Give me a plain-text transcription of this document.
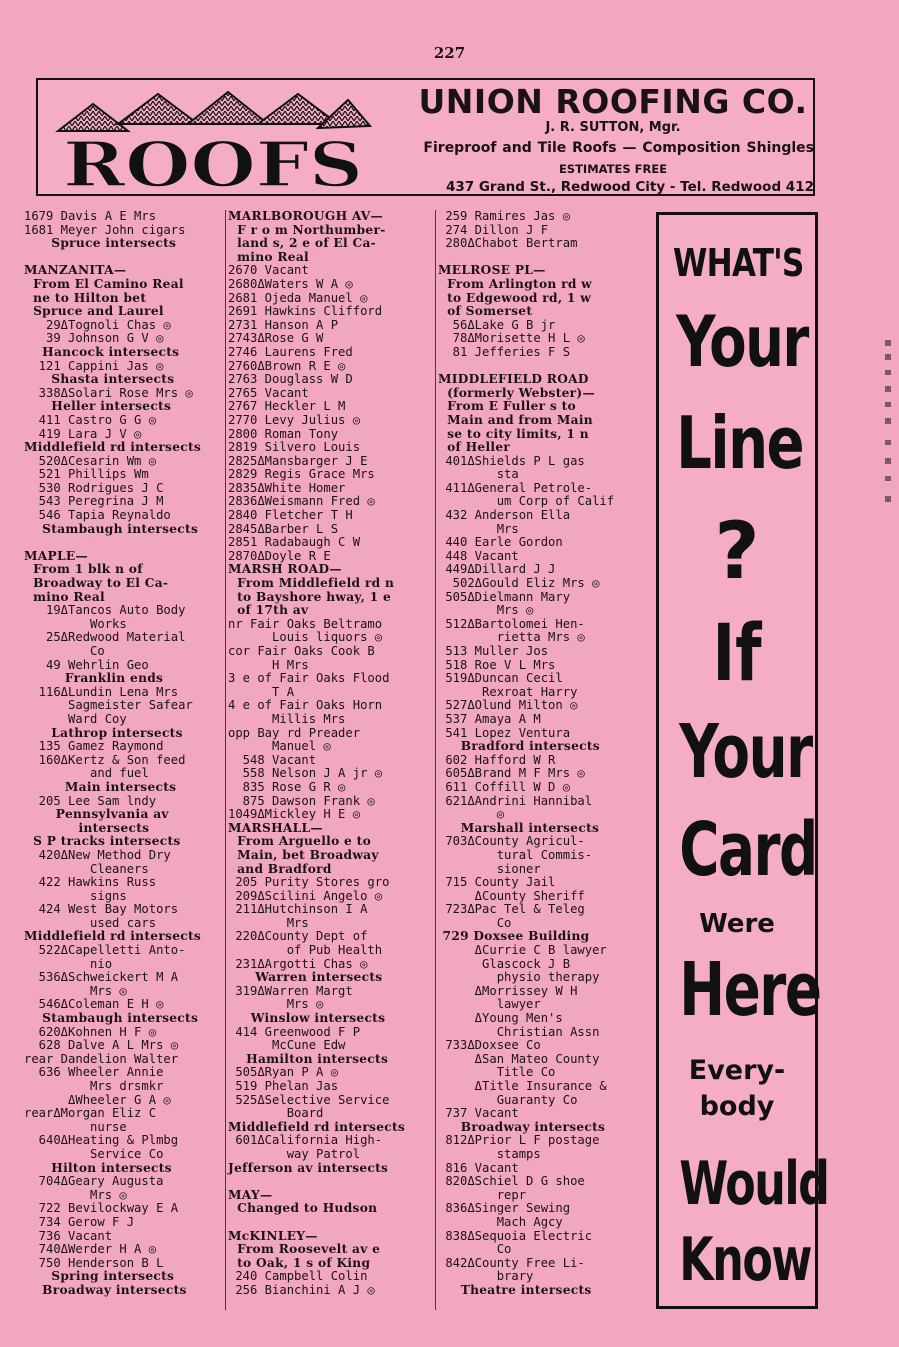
227
ROOFS
UNION ROOFING CO.
J. R. SUTTON, Mgr.
Fireproof and Tile Roofs — Composition Shingles
ESTIMATES FREE
437 Grand St., Redwood City - Tel. Redwood 412
1679 Davis A E Mrs
1681 Meyer John cigars
Spruce intersects

MANZANITA—
From El Camino Real
ne to Hilton bet
Spruce and Laurel
29ΔTognoli Chas ◎
39 Johnson G V ◎
Hancock intersects
121 Cappini Jas ◎
Shasta intersects
338ΔSolari Rose Mrs ◎
Heller intersects
411 Castro G G ◎
419 Lara J V ◎
Middlefield rd intersects
520ΔCesarin Wm ◎
521 Phillips Wm
530 Rodrigues J C
543 Peregrina J M
546 Tapia Reynaldo
Stambaugh intersects

MAPLE—
From 1 blk n of
Broadway to El Ca-
mino Real
19ΔTancos Auto Body
Works
25ΔRedwood Material
Co
49 Wehrlin Geo
Franklin ends
116ΔLundin Lena Mrs
Sagmeister Safear
Ward Coy
Lathrop intersects
135 Gamez Raymond
160ΔKertz & Son feed
and fuel
Main intersects
205 Lee Sam lndy
Pennsylvania av
intersects
S P tracks intersects
420ΔNew Method Dry
Cleaners
422 Hawkins Russ
signs
424 West Bay Motors
used cars
Middlefield rd intersects
522ΔCapelletti Anto-
nio
536ΔSchweickert M A
Mrs ◎
546ΔColeman E H ◎
Stambaugh intersects
620ΔKohnen H F ◎
628 Dalve A L Mrs ◎
rear Dandelion Walter
636 Wheeler Annie
Mrs drsmkr
ΔWheeler G A ◎
rearΔMorgan Eliz C
nurse
640ΔHeating & Plmbg
Service Co
Hilton intersects
704ΔGeary Augusta
Mrs ◎
722 Bevilockway E A
734 Gerow F J
736 Vacant
740ΔWerder H A ◎
750 Henderson B L
Spring intersects
Broadway intersects
MARLBOROUGH AV—
F r o m Northumber-
land s, 2 e of El Ca-
mino Real
2670 Vacant
2680ΔWaters W A ◎
2681 Ojeda Manuel ◎
2691 Hawkins Clifford
2731 Hanson A P
2743ΔRose G W
2746 Laurens Fred
2760ΔBrown R E ◎
2763 Douglass W D
2765 Vacant
2767 Heckler L M
2770 Levy Julius ◎
2800 Roman Tony
2819 Silvero Louis
2825ΔMansbarger J E
2829 Regis Grace Mrs
2835ΔWhite Homer
2836ΔWeismann Fred ◎
2840 Fletcher T H
2845ΔBarber L S
2851 Radabaugh C W
2870ΔDoyle R E
MARSH ROAD—
From Middlefield rd n
to Bayshore hway, 1 e
of 17th av
nr Fair Oaks Beltramo
Louis liquors ◎
cor Fair Oaks Cook B
H Mrs
3 e of Fair Oaks Flood
T A
4 e of Fair Oaks Horn
Millis Mrs
opp Bay rd Preader
Manuel ◎
548 Vacant
558 Nelson J A jr ◎
835 Rose G R ◎
875 Dawson Frank ◎
1049ΔMickley H E ◎
MARSHALL—
From Arguello e to
Main, bet Broadway
and Bradford
205 Purity Stores gro
209ΔScilini Angelo ◎
211ΔHutchinson I A
Mrs
220ΔCounty Dept of
of Pub Health
231ΔArgotti Chas ◎
Warren intersects
319ΔWarren Margt
Mrs ◎
Winslow intersects
414 Greenwood F P
McCune Edw
Hamilton intersects
505ΔRyan P A ◎
519 Phelan Jas
525ΔSelective Service
Board
Middlefield rd intersects
601ΔCalifornia High-
way Patrol
Jefferson av intersects

MAY—
Changed to Hudson

McKINLEY—
From Roosevelt av e
to Oak, 1 s of King
240 Campbell Colin
256 Bianchini A J ◎
259 Ramires Jas ◎
274 Dillon J F
280ΔChabot Bertram

MELROSE PL—
From Arlington rd w
to Edgewood rd, 1 w
of Somerset
56ΔLake G B jr
78ΔMorisette H L ◎
81 Jefferies F S

MIDDLEFIELD ROAD
(formerly Webster)—
From E Fuller s to
Main and from Main
se to city limits, 1 n
of Heller
401ΔShields P L gas
sta
411ΔGeneral Petrole-
um Corp of Calif
432 Anderson Ella
Mrs
440 Earle Gordon
448 Vacant
449ΔDillard J J
502ΔGould Eliz Mrs ◎
505ΔDielmann Mary
Mrs ◎
512ΔBartolomei Hen-
rietta Mrs ◎
513 Muller Jos
518 Roe V L Mrs
519ΔDuncan Cecil
Rexroat Harry
527ΔOlund Milton ◎
537 Amaya A M
541 Lopez Ventura
Bradford intersects
602 Hafford W R
605ΔBrand M F Mrs ◎
611 Coffill W D ◎
621ΔAndrini Hannibal
◎
Marshall intersects
703ΔCounty Agricul-
tural Commis-
sioner
715 County Jail
ΔCounty Sheriff
723ΔPac Tel & Teleg
Co
729 Doxsee Building
ΔCurrie C B lawyer
Glascock J B
physio therapy
ΔMorrissey W H
lawyer
ΔYoung Men's
Christian Assn
733ΔDoxsee Co
ΔSan Mateo County
Title Co
ΔTitle Insurance &
Guaranty Co
737 Vacant
Broadway intersects
812ΔPrior L F postage
stamps
816 Vacant
820ΔSchiel D G shoe
repr
836ΔSinger Sewing
Mach Agcy
838ΔSequoia Electric
Co
842ΔCounty Free Li-
brary
Theatre intersects
WHAT'S
Your
Line
?
If
Your
Card
Were
Here
Every-
body
Would
Know
